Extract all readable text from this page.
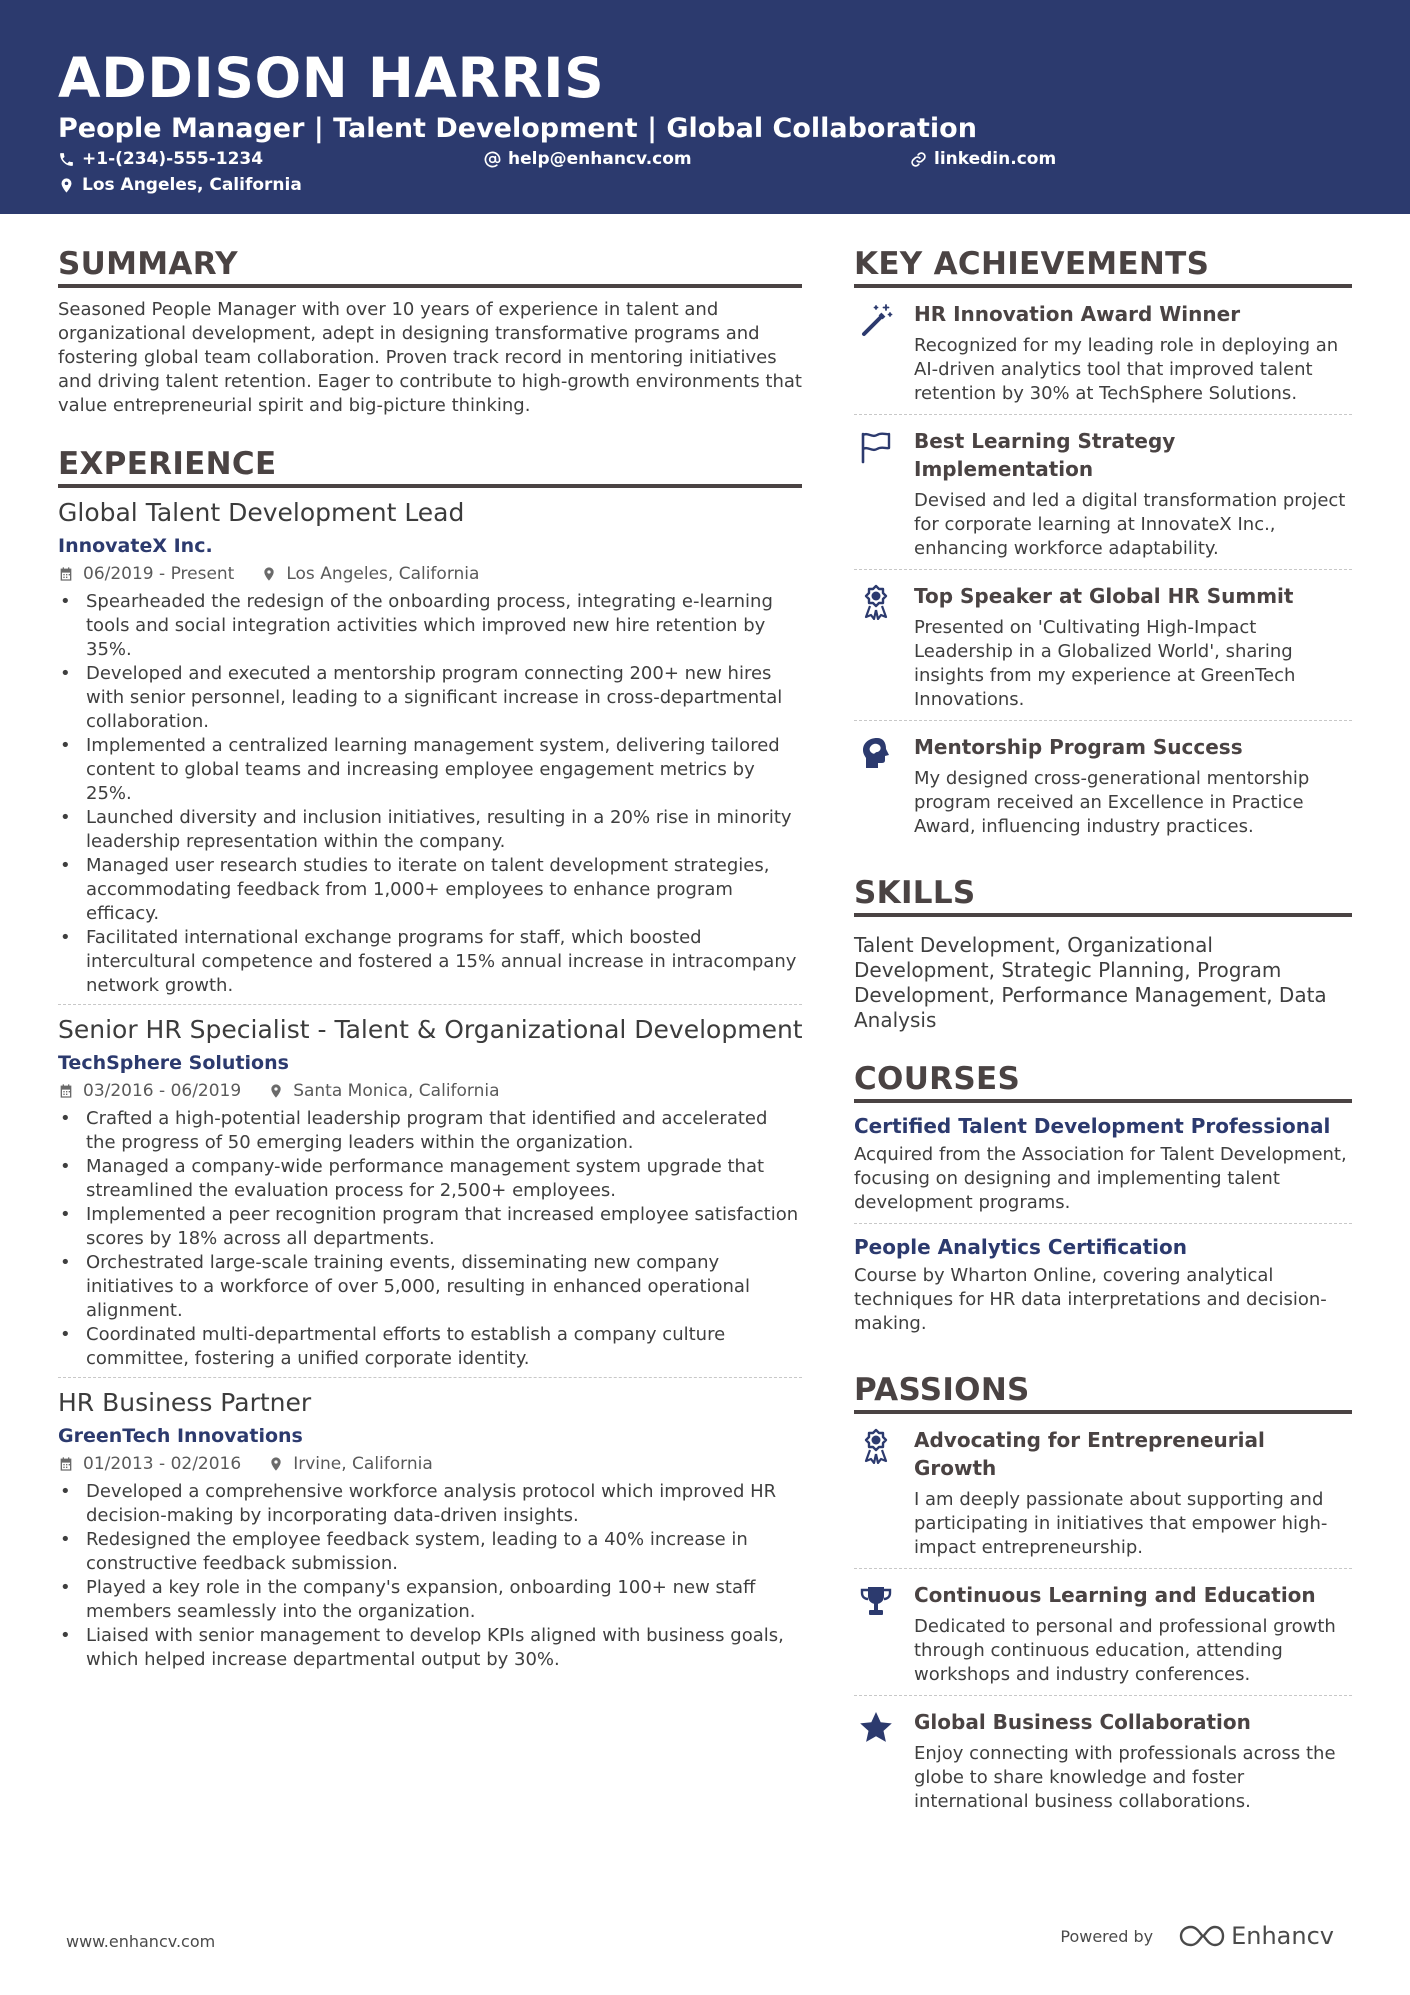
ADDISON HARRIS
People Manager | Talent Development | Global Collaboration
+1-(234)-555-1234	help@enhancv.com	linkedin.com
Los Angeles, California
SUMMARY
Seasoned People Manager with over 10 years of experience in talent and organizational development, adept in designing transformative programs and fostering global team collaboration. Proven track record in mentoring initiatives and driving talent retention. Eager to contribute to high-growth environments that value entrepreneurial spirit and big-picture thinking.
EXPERIENCE
Global Talent Development Lead
InnovateX Inc.
06/2019 - Present	Los Angeles, California
• Spearheaded the redesign of the onboarding process, integrating e-learning tools and social integration activities which improved new hire retention by 35%.
• Developed and executed a mentorship program connecting 200+ new hires with senior personnel, leading to a significant increase in cross-departmental collaboration.
• Implemented a centralized learning management system, delivering tailored content to global teams and increasing employee engagement metrics by 25%.
• Launched diversity and inclusion initiatives, resulting in a 20% rise in minority leadership representation within the company.
• Managed user research studies to iterate on talent development strategies, accommodating feedback from 1,000+ employees to enhance program efficacy.
• Facilitated international exchange programs for staff, which boosted intercultural competence and fostered a 15% annual increase in intracompany network growth.
Senior HR Specialist - Talent & Organizational Development
TechSphere Solutions
03/2016 - 06/2019	Santa Monica, California
• Crafted a high-potential leadership program that identified and accelerated the progress of 50 emerging leaders within the organization.
• Managed a company-wide performance management system upgrade that streamlined the evaluation process for 2,500+ employees.
• Implemented a peer recognition program that increased employee satisfaction scores by 18% across all departments.
• Orchestrated large-scale training events, disseminating new company initiatives to a workforce of over 5,000, resulting in enhanced operational alignment.
• Coordinated multi-departmental efforts to establish a company culture committee, fostering a unified corporate identity.
HR Business Partner
GreenTech Innovations
01/2013 - 02/2016	Irvine, California
• Developed a comprehensive workforce analysis protocol which improved HR decision-making by incorporating data-driven insights.
• Redesigned the employee feedback system, leading to a 40% increase in constructive feedback submission.
• Played a key role in the company's expansion, onboarding 100+ new staff members seamlessly into the organization.
• Liaised with senior management to develop KPIs aligned with business goals, which helped increase departmental output by 30%.
KEY ACHIEVEMENTS
HR Innovation Award Winner
Recognized for my leading role in deploying an AI-driven analytics tool that improved talent retention by 30% at TechSphere Solutions.
Best Learning Strategy Implementation
Devised and led a digital transformation project for corporate learning at InnovateX Inc., enhancing workforce adaptability.
Top Speaker at Global HR Summit
Presented on 'Cultivating High-Impact Leadership in a Globalized World', sharing insights from my experience at GreenTech Innovations.
Mentorship Program Success
My designed cross-generational mentorship program received an Excellence in Practice Award, influencing industry practices.
SKILLS
Talent Development, Organizational Development, Strategic Planning, Program Development, Performance Management, Data Analysis
COURSES
Certified Talent Development Professional
Acquired from the Association for Talent Development, focusing on designing and implementing talent development programs.
People Analytics Certification
Course by Wharton Online, covering analytical techniques for HR data interpretations and decision-making.
PASSIONS
Advocating for Entrepreneurial Growth
I am deeply passionate about supporting and participating in initiatives that empower high-impact entrepreneurship.
Continuous Learning and Education
Dedicated to personal and professional growth through continuous education, attending workshops and industry conferences.
Global Business Collaboration
Enjoy connecting with professionals across the globe to share knowledge and foster international business collaborations.
www.enhancv.com	Powered by	Enhancv
